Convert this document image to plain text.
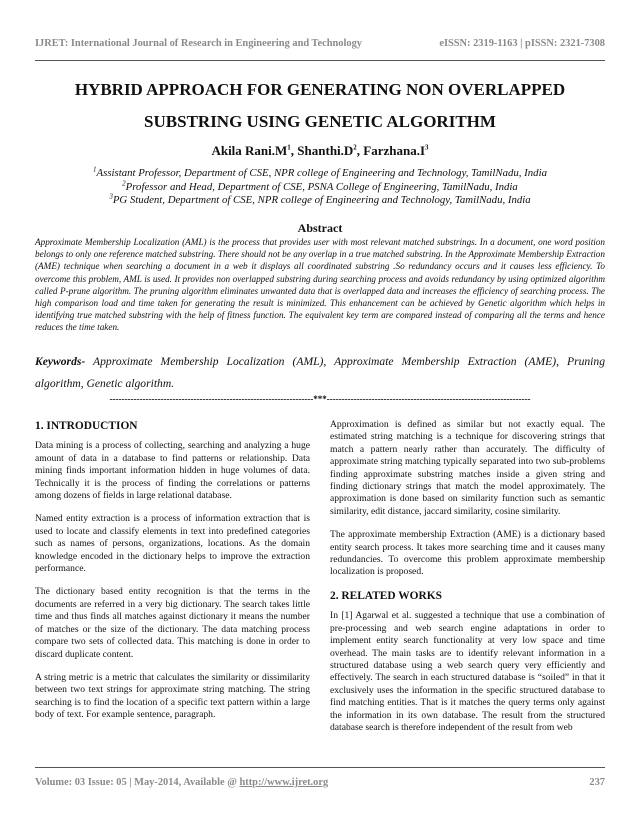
IJRET: International Journal of Research in Engineering and Technology	eISSN: 2319-1163 | pISSN: 2321-7308
HYBRID APPROACH FOR GENERATING NON OVERLAPPED
SUBSTRING USING GENETIC ALGORITHM
Akila $Rani.M^1$, $Shanthi.D^2$, $Farzhana.I^3$
$^1$Assistant Professor, Department of CSE, NPR college of Engineering and Technology, TamilNadu, India
$^2$Professor and Head, Department of CSE, PSNA College of Engineering, TamilNadu, India
$^3$PG Student, Department of CSE, NPR college of Engineering and Technology, TamilNadu, India
Abstract
Approximate Membership Localization (AML) is the process that provides user with most relevant matched substrings. In a document, one word position belongs to only one reference matched substring. There should not be any overlap in a true matched substring. In the Approximate Membership Extraction (AME) technique when searching a document in a web it displays all coordinated substring .So redundancy occurs and it causes less efficiency. To overcome this problem, AML is used. It provides non overlapped substring during searching process and avoids redundancy by using optimized algorithm called P-prune algorithm. The pruning algorithm eliminates unwanted data that is overlapped data and increases the efficiency of searching process. The high comparison load and time taken for generating the result is minimized. This enhancement can be achieved by Genetic algorithm which helps in identifying true matched substring with the help of fitness function. The equivalent key term are compared instead of comparing all the terms and hence reduces the time taken.
Keywords- Approximate Membership Localization (AML), Approximate Membership Extraction (AME), Pruning algorithm, Genetic algorithm.
--------------------------------------------------------------------***--------------------------------------------------------------------
1. INTRODUCTION

Data mining is a process of collecting, searching and analyzing a huge amount of data in a database to find patterns or relationship. Data mining finds important information hidden in huge volumes of data. Technically it is the process of finding the correlations or patterns among dozens of fields in large relational database.

Named entity extraction is a process of information extraction that is used to locate and classify elements in text into predefined categories such as names of persons, organizations, locations. As the domain knowledge encoded in the dictionary helps to improve the extraction performance.

The dictionary based entity recognition is that the terms in the documents are referred in a very big dictionary. The search takes little time and thus finds all matches against dictionary it means the number of matches or the size of the dictionary. The data matching process compare two sets of collected data. This matching is done in order to discard duplicate content.

A string metric is a metric that calculates the similarity or dissimilarity between two text strings for approximate string matching. The string searching is to find the location of a specific text pattern within a large body of text. For example sentence, paragraph.

Approximation is defined as similar but not exactly equal. The estimated string matching is a technique for discovering strings that match a pattern nearly rather than accurately. The difficulty of approximate string matching typically separated into two sub-problems finding approximate substring matches inside a given string and finding dictionary strings that match the model approximately. The approximation is done based on similarity function such as semantic similarity, edit distance, jaccard similarity, cosine similarity.

The approximate membership Extraction (AME) is a dictionary based entity search process. It takes more searching time and it causes many redundancies. To overcome this problem approximate membership localization is proposed.

2. RELATED WORKS

In [1] Agarwal et al. suggested a technique that use a combination of pre-processing and web search engine adaptations in order to implement entity search functionality at very low space and time overhead. The main tasks are to identify relevant information in a structured database using a web search query very efficiently and effectively. The search in each structured database is “soiled” in that it exclusively uses the information in the specific structured database to find matching entities. That is it matches the query terms only against the information in its own database. The result from the structured database search is therefore independent of the result from web

Volume: 03 Issue: 05 | May-2014, Available @ http://www.ijret.org	237
